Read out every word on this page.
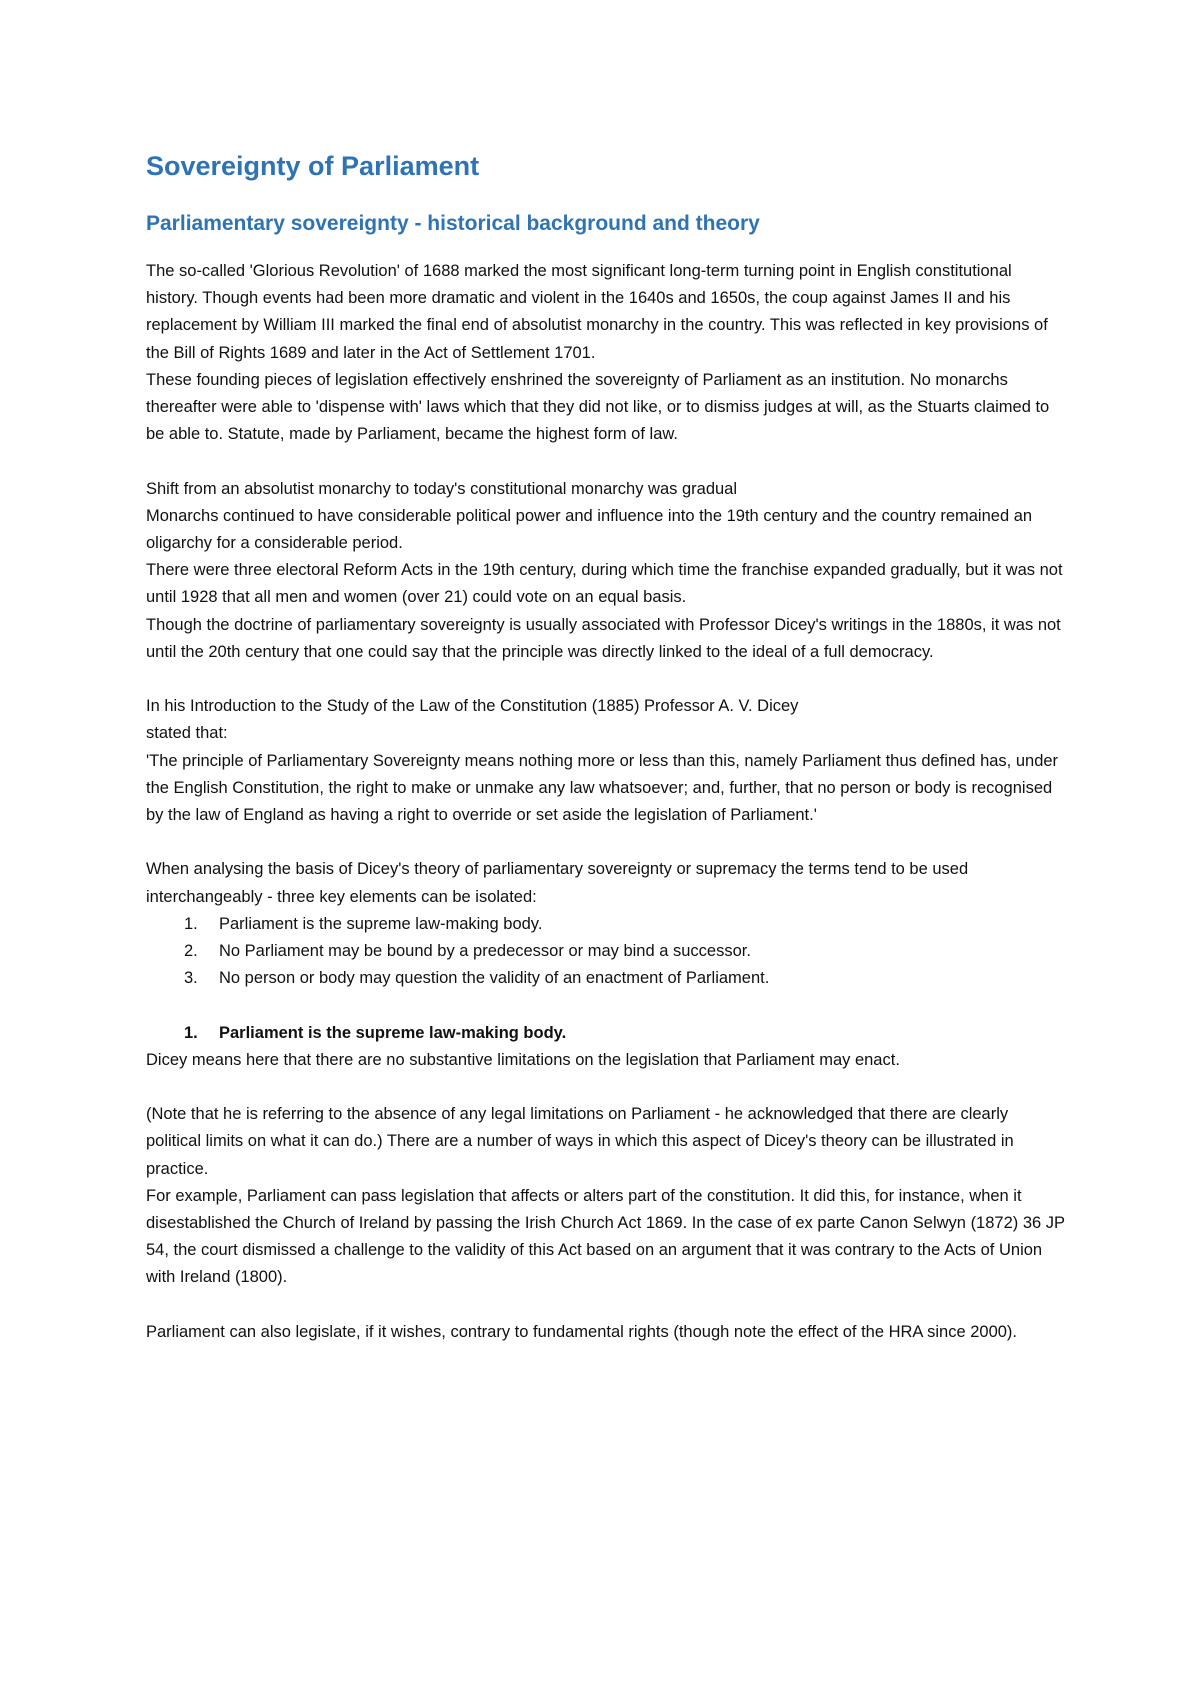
Sovereignty of Parliament
Parliamentary sovereignty - historical background and theory

The so-called 'Glorious Revolution' of 1688 marked the most significant long-term turning point in English constitutional history. Though events had been more dramatic and violent in the 1640s and 1650s, the coup against James II and his replacement by William III marked the final end of absolutist monarchy in the country. This was reflected in key provisions of the Bill of Rights 1689 and later in the Act of Settlement 1701.

These founding pieces of legislation effectively enshrined the sovereignty of Parliament as an institution. No monarchs thereafter were able to 'dispense with' laws which that they did not like, or to dismiss judges at will, as the Stuarts claimed to be able to. Statute, made by Parliament, became the highest form of law.

Shift from an absolutist monarchy to today's constitutional monarchy was gradual

Monarchs continued to have considerable political power and influence into the 19th century and the country remained an oligarchy for a considerable period.

There were three electoral Reform Acts in the 19th century, during which time the franchise expanded gradually, but it was not until 1928 that all men and women (over 21) could vote on an equal basis.

Though the doctrine of parliamentary sovereignty is usually associated with Professor Dicey's writings in the 1880s, it was not until the 20th century that one could say that the principle was directly linked to the ideal of a full democracy.

In his Introduction to the Study of the Law of the Constitution (1885) Professor A. V. Dicey

stated that:

'The principle of Parliamentary Sovereignty means nothing more or less than this, namely Parliament thus defined has, under the English Constitution, the right to make or unmake any law whatsoever; and, further, that no person or body is recognised by the law of England as having a right to override or set aside the legislation of Parliament.'

When analysing the basis of Dicey's theory of parliamentary sovereignty or supremacy the terms tend to be used interchangeably - three key elements can be isolated:

1. Parliament is the supreme law-making body.
2. No Parliament may be bound by a predecessor or may bind a successor.
3. No person or body may question the validity of an enactment of Parliament.
1. Parliament is the supreme law-making body.

Dicey means here that there are no substantive limitations on the legislation that Parliament may enact.

(Note that he is referring to the absence of any legal limitations on Parliament - he acknowledged that there are clearly political limits on what it can do.) There are a number of ways in which this aspect of Dicey's theory can be illustrated in practice.

For example, Parliament can pass legislation that affects or alters part of the constitution. It did this, for instance, when it disestablished the Church of Ireland by passing the Irish Church Act 1869. In the case of ex parte Canon Selwyn (1872) 36 JP 54, the court dismissed a challenge to the validity of this Act based on an argument that it was contrary to the Acts of Union with Ireland (1800).

Parliament can also legislate, if it wishes, contrary to fundamental rights (though note the effect of the HRA since 2000).
